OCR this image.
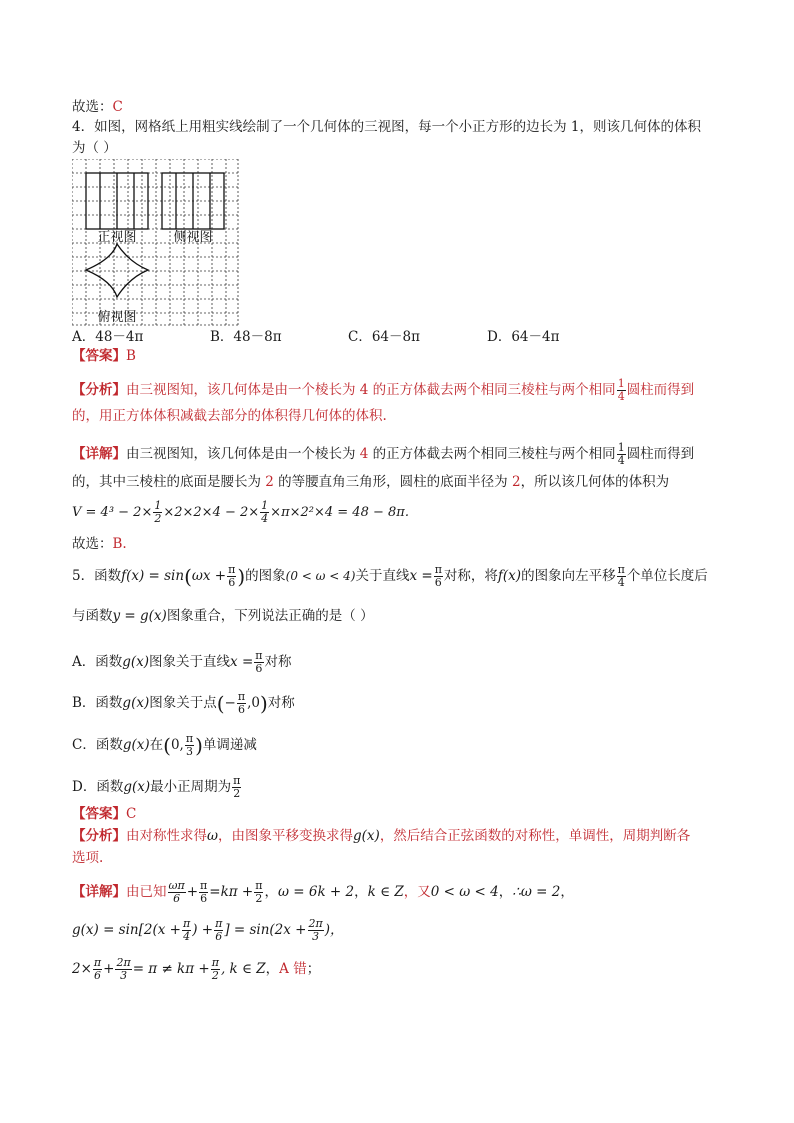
故选：C
4．如图，网格纸上用粗实线绘制了一个几何体的三视图，每一个小正方形的边长为 1，则该几何体的体积
为（ ）
正视图	侧视图
俯视图
A．48－4π	B．48－8π	C．64－8π	D．64－4π
【答案】B
【分析】由三视图知，该几何体是由一个棱长为 4 的正方体截去两个相同三棱柱与两个相同 $\frac{1}{4}$ 圆柱而得到
的，用正方体体积减截去部分的体积得几何体的体积.
【详解】由三视图知，该几何体是由一个棱长为 4 的正方体截去两个相同三棱柱与两个相同 $\frac{1}{4}$ 圆柱而得到
的，其中三棱柱的底面是腰长为 2 的等腰直角三角形，圆柱的底面半径为 2，所以该几何体的体积为
$V = 4^3 - 2\times \frac{1}{2} \times 2\times 2\times 4 - 2\times \frac{1}{4} \times\pi\times 2^2\times 4 = 48 - 8\pi$.
故选：B.
5．函数$f(x) = \sin(\omega x + \frac{\pi}{6}$ )的图象(0 < ω < 4)关于直线$x = \frac{\pi}{6}$ 对称，将f(x)的图象向左平移 $\frac{\pi}{4}$ 个单位长度后
与函数y = g(x)图象重合，下列说法正确的是（ ）
A．函数g(x)图象关于直线$x = \frac{\pi}{6}$ 对称
B．函数g(x)图象关于点(− $\frac{\pi}{6} ,0$)对称
C．函数g(x)在(0, $\frac{\pi}{3}$ )单调递减
D．函数g(x)最小正周期为 $\frac{\pi}{2}$
【答案】C
【分析】由对称性求得ω，由图象平移变换求得g(x)，然后结合正弦函数的对称性，单调性，周期判断各
选项.
【详解】由已知 $\frac{\omega\pi}{6} + \frac{\pi}{6} =k\pi + \frac{\pi}{2}$ ，ω = 6k + 2，k ∈ Z，又0 < ω < 4，∴ω = 2，
$g(x) = \sin[2(x + \frac{\pi}{4}$ ) + $\frac{\pi}{6}$ ] = $\sin(2x + \frac{2\pi}{3}$ )，
$2\times \frac{\pi}{6} + \frac{2\pi}{3} = \pi \ne k\pi + \frac{\pi}{2}$ , k ∈ Z，A 错；
